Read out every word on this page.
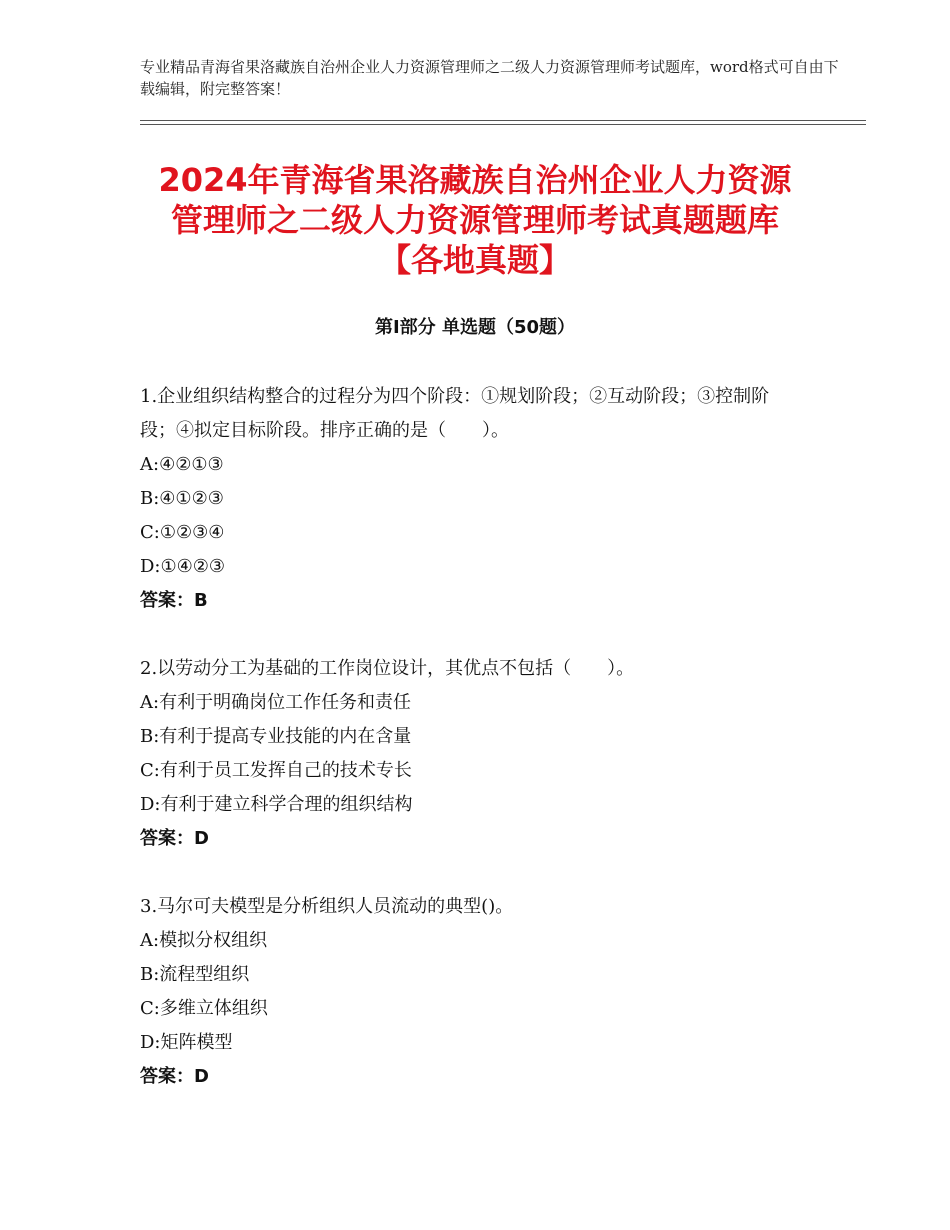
专业精品青海省果洛藏族自治州企业人力资源管理师之二级人力资源管理师考试题库，word格式可自由下载编辑，附完整答案！
2024年青海省果洛藏族自治州企业人力资源
管理师之二级人力资源管理师考试真题题库
【各地真题】
第Ⅰ部分 单选题（50题）
1.企业组织结构整合的过程分为四个阶段：①规划阶段；②互动阶段；③控制阶段；④拟定目标阶段。排序正确的是（　　）。
A:④②①③
B:④①②③
C:①②③④
D:①④②③
答案：B
2.以劳动分工为基础的工作岗位设计，其优点不包括（　　）。
A:有利于明确岗位工作任务和责任
B:有利于提高专业技能的内在含量
C:有利于员工发挥自己的技术专长
D:有利于建立科学合理的组织结构
答案：D
3.马尔可夫模型是分析组织人员流动的典型()。
A:模拟分权组织
B:流程型组织
C:多维立体组织
D:矩阵模型
答案：D
